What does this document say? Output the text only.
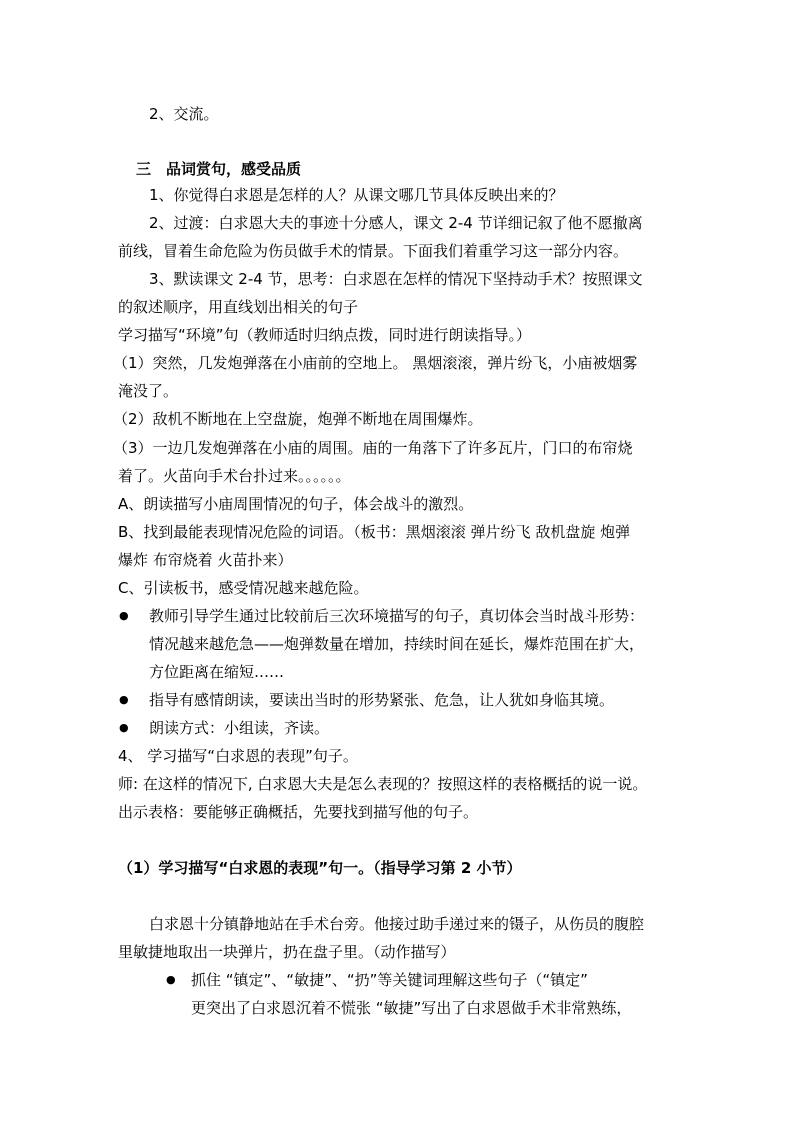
2、交流。
三　品词赏句，感受品质
1、你觉得白求恩是怎样的人？从课文哪几节具体反映出来的？
2、过渡：白求恩大夫的事迹十分感人，课文 2-4 节详细记叙了他不愿撤离
前线，冒着生命危险为伤员做手术的情景。下面我们着重学习这一部分内容。
3、默读课文 2-4 节，思考：白求恩在怎样的情况下坚持动手术？按照课文
的叙述顺序，用直线划出相关的句子
学习描写“环境”句（教师适时归纳点拨，同时进行朗读指导。）
（1）突然，几发炮弹落在小庙前的空地上。 黑烟滚滚，弹片纷飞，小庙被烟雾
淹没了。
（2）敌机不断地在上空盘旋，炮弹不断地在周围爆炸。
（3）一边几发炮弹落在小庙的周围。庙的一角落下了许多瓦片，门口的布帘烧
着了。火苗向手术台扑过来。。。。。。
A、朗读描写小庙周围情况的句子，体会战斗的激烈。
B、找到最能表现情况危险的词语。（板书：黑烟滚滚 弹片纷飞 敌机盘旋 炮弹
爆炸 布帘烧着 火苗扑来）
C、引读板书，感受情况越来越危险。
● 教师引导学生通过比较前后三次环境描写的句子，真切体会当时战斗形势：
情况越来越危急——炮弹数量在增加，持续时间在延长，爆炸范围在扩大，
方位距离在缩短……
● 指导有感情朗读，要读出当时的形势紧张、危急，让人犹如身临其境。
● 朗读方式：小组读，齐读。
4、 学习描写“白求恩的表现”句子。
师: 在这样的情况下, 白求恩大夫是怎么表现的？按照这样的表格概括的说一说。
出示表格：要能够正确概括，先要找到描写他的句子。
（1）学习描写“白求恩的表现”句一。（指导学习第 2 小节）
白求恩十分镇静地站在手术台旁。他接过助手递过来的镊子，从伤员的腹腔
里敏捷地取出一块弹片，扔在盘子里。（动作描写）
● 抓住 “镇定”、“敏捷”、“扔”等关键词理解这些句子（“镇定”
更突出了白求恩沉着不慌张 “敏捷”写出了白求恩做手术非常熟练，
